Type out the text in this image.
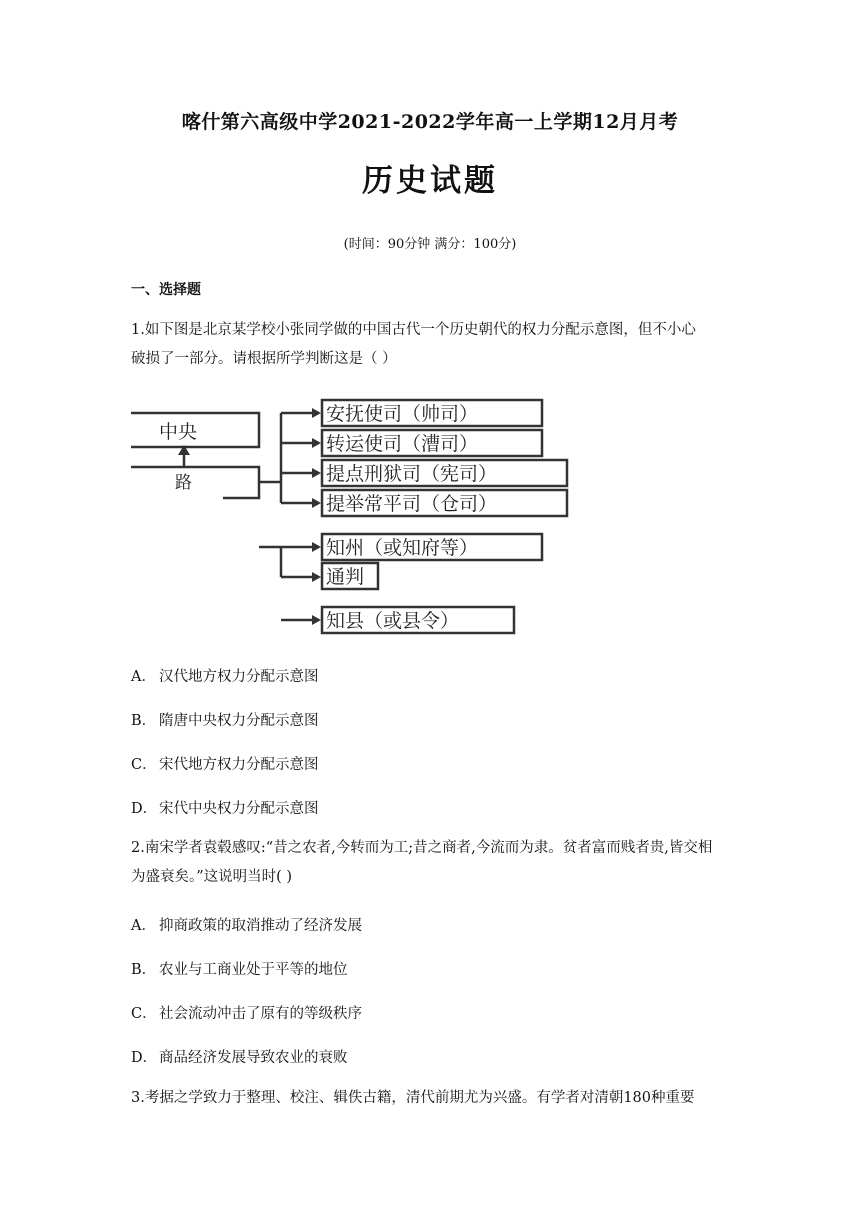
喀什第六高级中学2021-2022学年高一上学期12月月考
历史试题
(时间：90分钟 满分：100分)
一、选择题
1.如下图是北京某学校小张同学做的中国古代一个历史朝代的权力分配示意图，但不小心
破损了一部分。请根据所学判断这是（ ）
中央
路
安抚使司（帅司）
转运使司（漕司）
提点刑狱司（宪司）
提举常平司（仓司）
知州（或知府等）
通判
知县（或县令）
A． 汉代地方权力分配示意图
B． 隋唐中央权力分配示意图
C． 宋代地方权力分配示意图
D． 宋代中央权力分配示意图
2.南宋学者袁毂感叹:“昔之农者,今转而为工;昔之商者,今流而为隶。贫者富而贱者贵,皆交相
为盛衰矣。”这说明当时( )
A． 抑商政策的取消推动了经济发展
B． 农业与工商业处于平等的地位
C． 社会流动冲击了原有的等级秩序
D． 商品经济发展导致农业的衰败
3.考据之学致力于整理、校注、辑佚古籍，清代前期尤为兴盛。有学者对清朝180种重要
